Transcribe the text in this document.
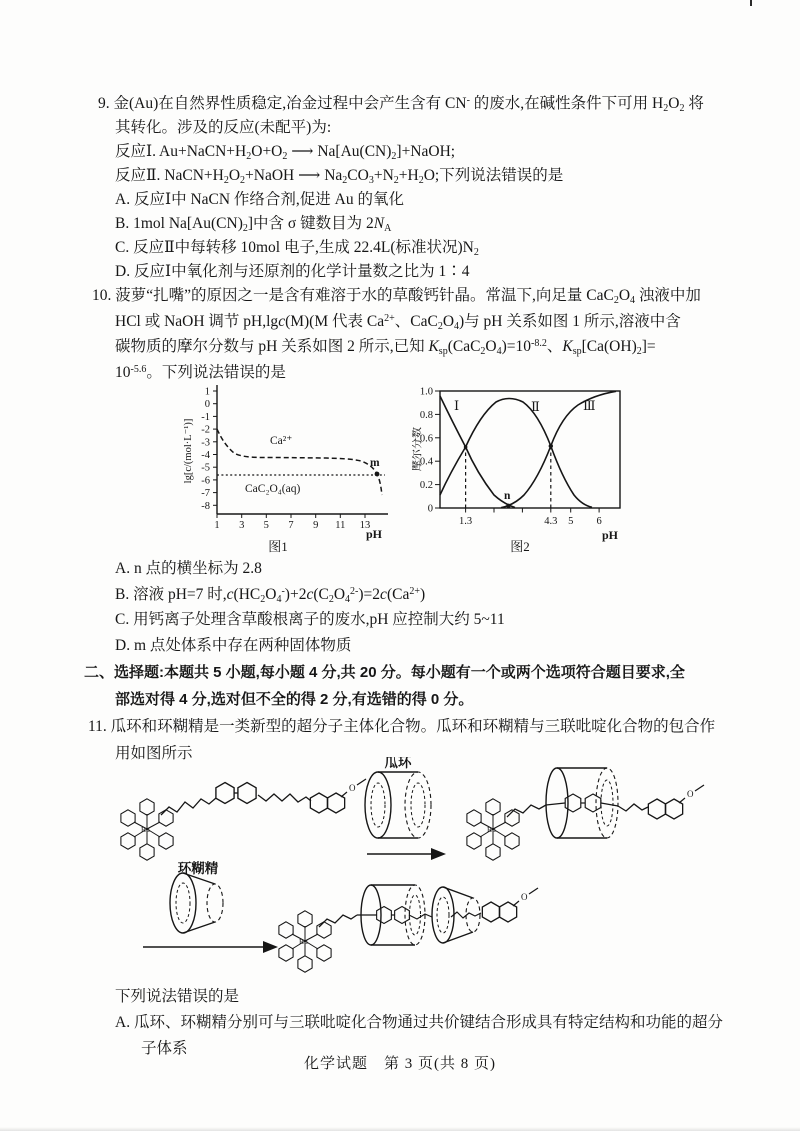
9. 金(Au)在自然界性质稳定,冶金过程中会产生含有 CN- 的废水,在碱性条件下可用 $H_2O_2$ 将
其转化。涉及的反应(未配平)为:
反应Ⅰ. $Au+NaCN+H_2O+O_2$ ⟶ $Na[Au(CN)_2]+NaOH$;
反应Ⅱ. $NaCN+H_2O_2+NaOH$ ⟶ $Na_2CO_3+N_2+H_2O$;下列说法错误的是
A. 反应Ⅰ中 NaCN 作络合剂,促进 Au 的氧化
B. 1mol $Na[Au(CN)_2]$中含 σ 键数目为 $2N_A$
C. 反应Ⅱ中每转移 10mol 电子,生成 22.4L(标准状况)$N_2$
D. 反应Ⅰ中氧化剂与还原剂的化学计量数之比为 1∶4
10. 菠萝“扎嘴”的原因之一是含有难溶于水的草酸钙针晶。常温下,向足量 $CaC_2O_4$ 浊液中加
HCl 或 NaOH 调节 pH,lgc(M)(M 代表 $Ca^{2+}$、$CaC_2O_4$)与 pH 关系如图 1 所示,溶液中含
碳物质的摩尔分数与 pH 关系如图 2 所示,已知 $K_{sp}(CaC_2O_4)=10^{-8.2}$、$K_{sp}[Ca(OH)_2]=$
$10^{-5.6}$。下列说法错误的是
1
0
-1
-2
-3
-4
-5
-6
-7
-8
1 3 5 7 9 11 13
lg[c/(mol·L⁻¹)]	m
Ca²⁺
CaC₂O₄(aq)
pH
图1
1.0
0.8
0.6
0.4
0.2
0
1.3	4.3 5 6
摩尔分数
n
Ⅰ	Ⅱ	Ⅲ
pH
图2
A. n 点的横坐标为 2.8
B. 溶液 pH=7 时$,c(HC_2O_4^-)+2c(C_2O_4^{2-})=2c(Ca^{2+})$
C. 用钙离子处理含草酸根离子的废水,pH 应控制大约 5~11
D. m 点处体系中存在两种固体物质
二、选择题:本题共 5 小题,每小题 4 分,共 20 分。每小题有一个或两个选项符合题目要求,全
部选对得 4 分,选对但不全的得 2 分,有选错的得 0 分。
11. 瓜环和环糊精是一类新型的超分子主体化合物。瓜环和环糊精与三联吡啶化合物的包合作
用如图所示
Ru
O
瓜环
Ru
O
环糊精
Ru
O
下列说法错误的是
A. 瓜环、环糊精分别可与三联吡啶化合物通过共价键结合形成具有特定结构和功能的超分
子体系
化学试题　第 3 页(共 8 页)
